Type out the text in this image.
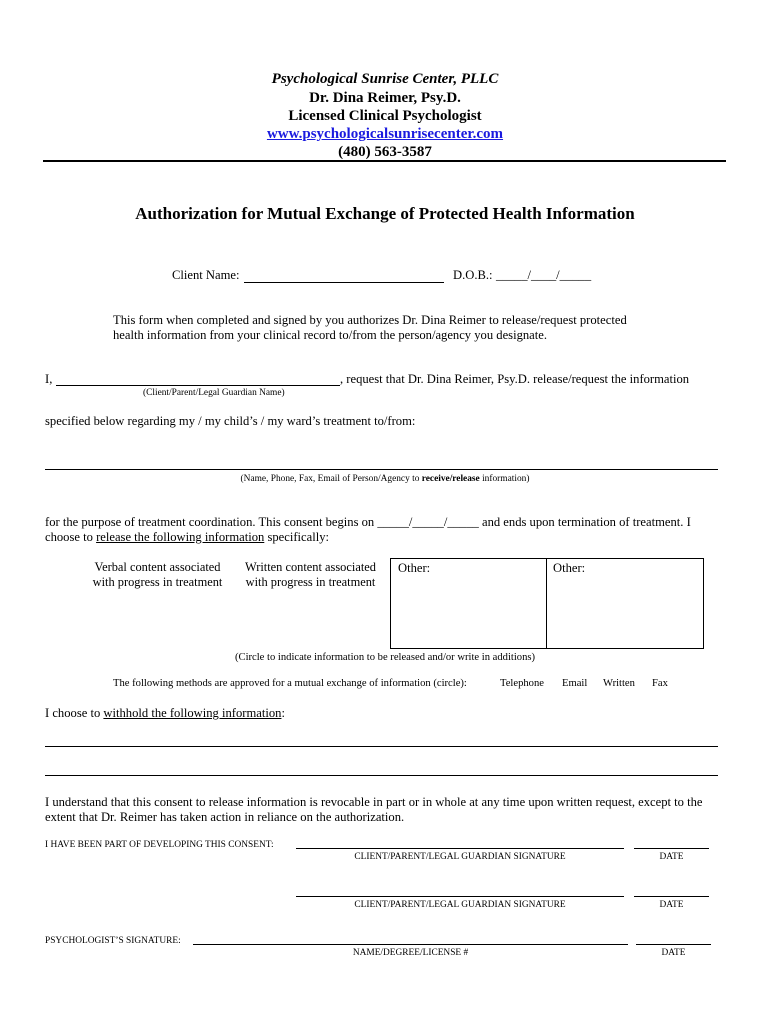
Psychological Sunrise Center, PLLC
Dr. Dina Reimer, Psy.D.
Licensed Clinical Psychologist
www.psychologicalsunrisecenter.com
(480) 563-3587
Authorization for Mutual Exchange of Protected Health Information
Client Name:	D.O.B.: _____/____/_____
This form when completed and signed by you authorizes Dr. Dina Reimer to release/request protected
health information from your clinical record to/from the person/agency you designate.
I,	, request that Dr. Dina Reimer, Psy.D. release/request the information
(Client/Parent/Legal Guardian Name)
specified below regarding my / my child’s / my ward’s treatment to/from:
(Name, Phone, Fax, Email of Person/Agency to receive/release information)
for the purpose of treatment coordination. This consent begins on _____/_____/_____ and ends upon termination of treatment. I
choose to release the following information specifically:
Verbal content associated
with progress in treatment
Written content associated
with progress in treatment
Other:	Other:
(Circle to indicate information to be released and/or write in additions)
The following methods are approved for a mutual exchange of information (circle):	Telephone Email Written Fax
I choose to withhold the following information:
I understand that this consent to release information is revocable in part or in whole at any time upon written request, except to the
extent that Dr. Reimer has taken action in reliance on the authorization.
I HAVE BEEN PART OF DEVELOPING THIS CONSENT:
CLIENT/PARENT/LEGAL GUARDIAN SIGNATURE	DATE
CLIENT/PARENT/LEGAL GUARDIAN SIGNATURE	DATE
PSYCHOLOGIST’S SIGNATURE:
NAME/DEGREE/LICENSE #	DATE
